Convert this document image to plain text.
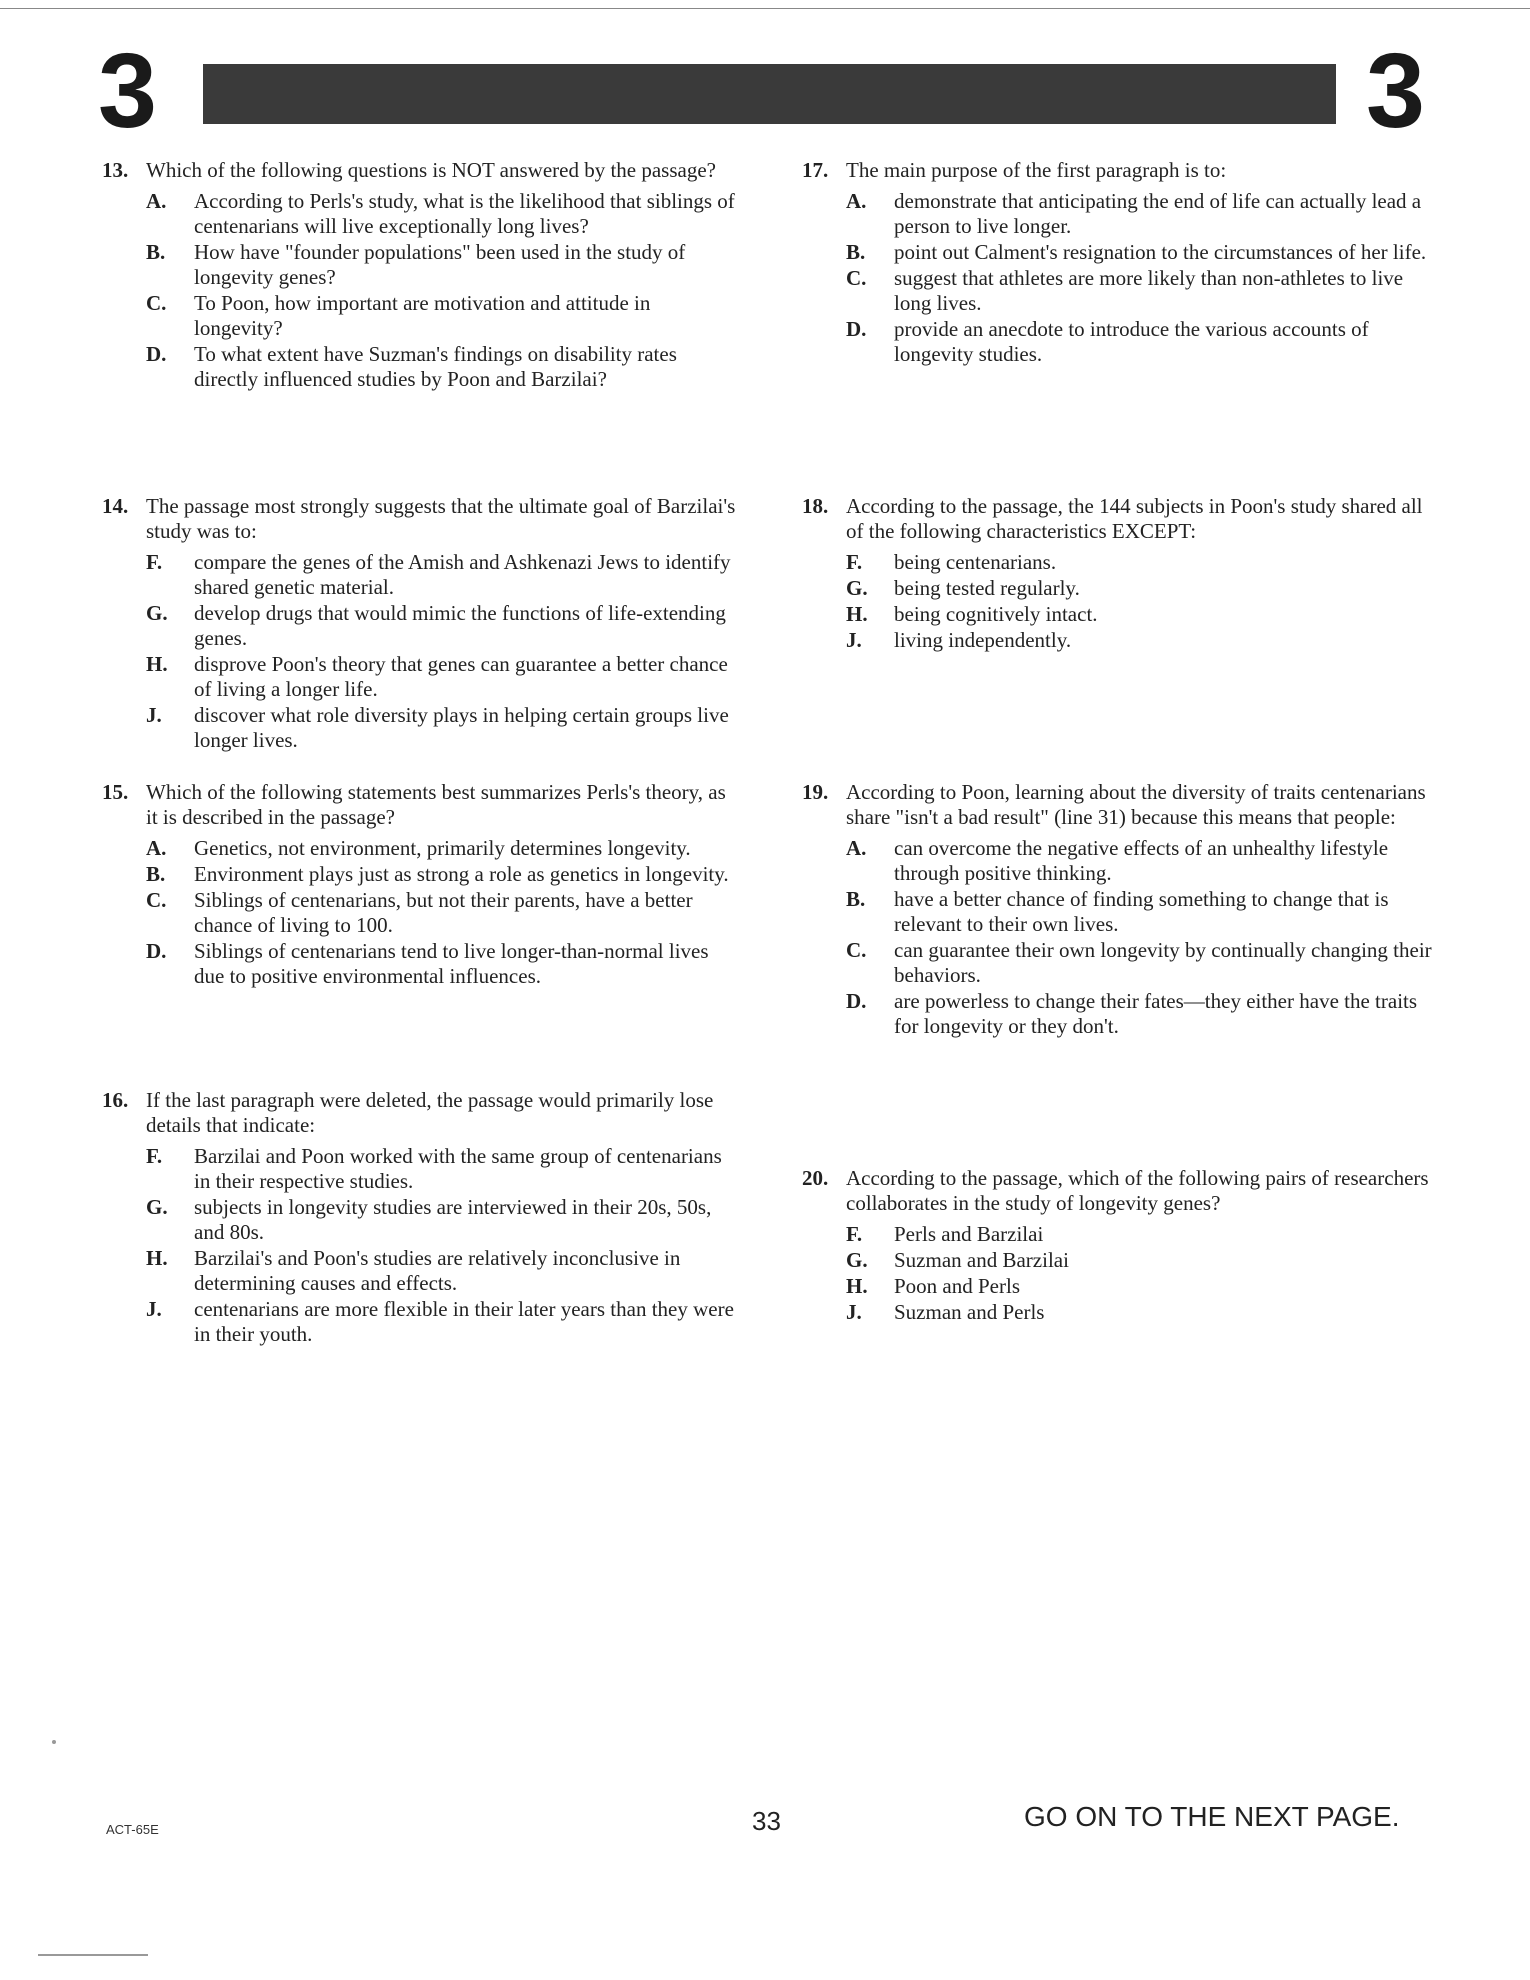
3	3
13. Which of the following questions is NOT answered by the passage?
A. According to Perls's study, what is the likelihood that siblings of centenarians will live exceptionally long lives?
B. How have "founder populations" been used in the study of longevity genes?
C. To Poon, how important are motivation and attitude in longevity?
D. To what extent have Suzman's findings on disability rates directly influenced studies by Poon and Barzilai?
14. The passage most strongly suggests that the ultimate goal of Barzilai's study was to:
F. compare the genes of the Amish and Ashkenazi Jews to identify shared genetic material.
G. develop drugs that would mimic the functions of life-extending genes.
H. disprove Poon's theory that genes can guarantee a better chance of living a longer life.
J. discover what role diversity plays in helping certain groups live longer lives.
15. Which of the following statements best summarizes Perls's theory, as it is described in the passage?
A. Genetics, not environment, primarily determines longevity.
B. Environment plays just as strong a role as genetics in longevity.
C. Siblings of centenarians, but not their parents, have a better chance of living to 100.
D. Siblings of centenarians tend to live longer-than-normal lives due to positive environmental influences.
16. If the last paragraph were deleted, the passage would primarily lose details that indicate:
F. Barzilai and Poon worked with the same group of centenarians in their respective studies.
G. subjects in longevity studies are interviewed in their 20s, 50s, and 80s.
H. Barzilai's and Poon's studies are relatively inconclusive in determining causes and effects.
J. centenarians are more flexible in their later years than they were in their youth.
17. The main purpose of the first paragraph is to:
A. demonstrate that anticipating the end of life can actually lead a person to live longer.
B. point out Calment's resignation to the circumstances of her life.
C. suggest that athletes are more likely than non-athletes to live long lives.
D. provide an anecdote to introduce the various accounts of longevity studies.
18. According to the passage, the 144 subjects in Poon's study shared all of the following characteristics EXCEPT:
F. being centenarians.
G. being tested regularly.
H. being cognitively intact.
J. living independently.
19. According to Poon, learning about the diversity of traits centenarians share "isn't a bad result" (line 31) because this means that people:
A. can overcome the negative effects of an unhealthy lifestyle through positive thinking.
B. have a better chance of finding something to change that is relevant to their own lives.
C. can guarantee their own longevity by continually changing their behaviors.
D. are powerless to change their fates—they either have the traits for longevity or they don't.
20. According to the passage, which of the following pairs of researchers collaborates in the study of longevity genes?
F. Perls and Barzilai
G. Suzman and Barzilai
H. Poon and Perls
J. Suzman and Perls
ACT-65E	33	GO ON TO THE NEXT PAGE.
